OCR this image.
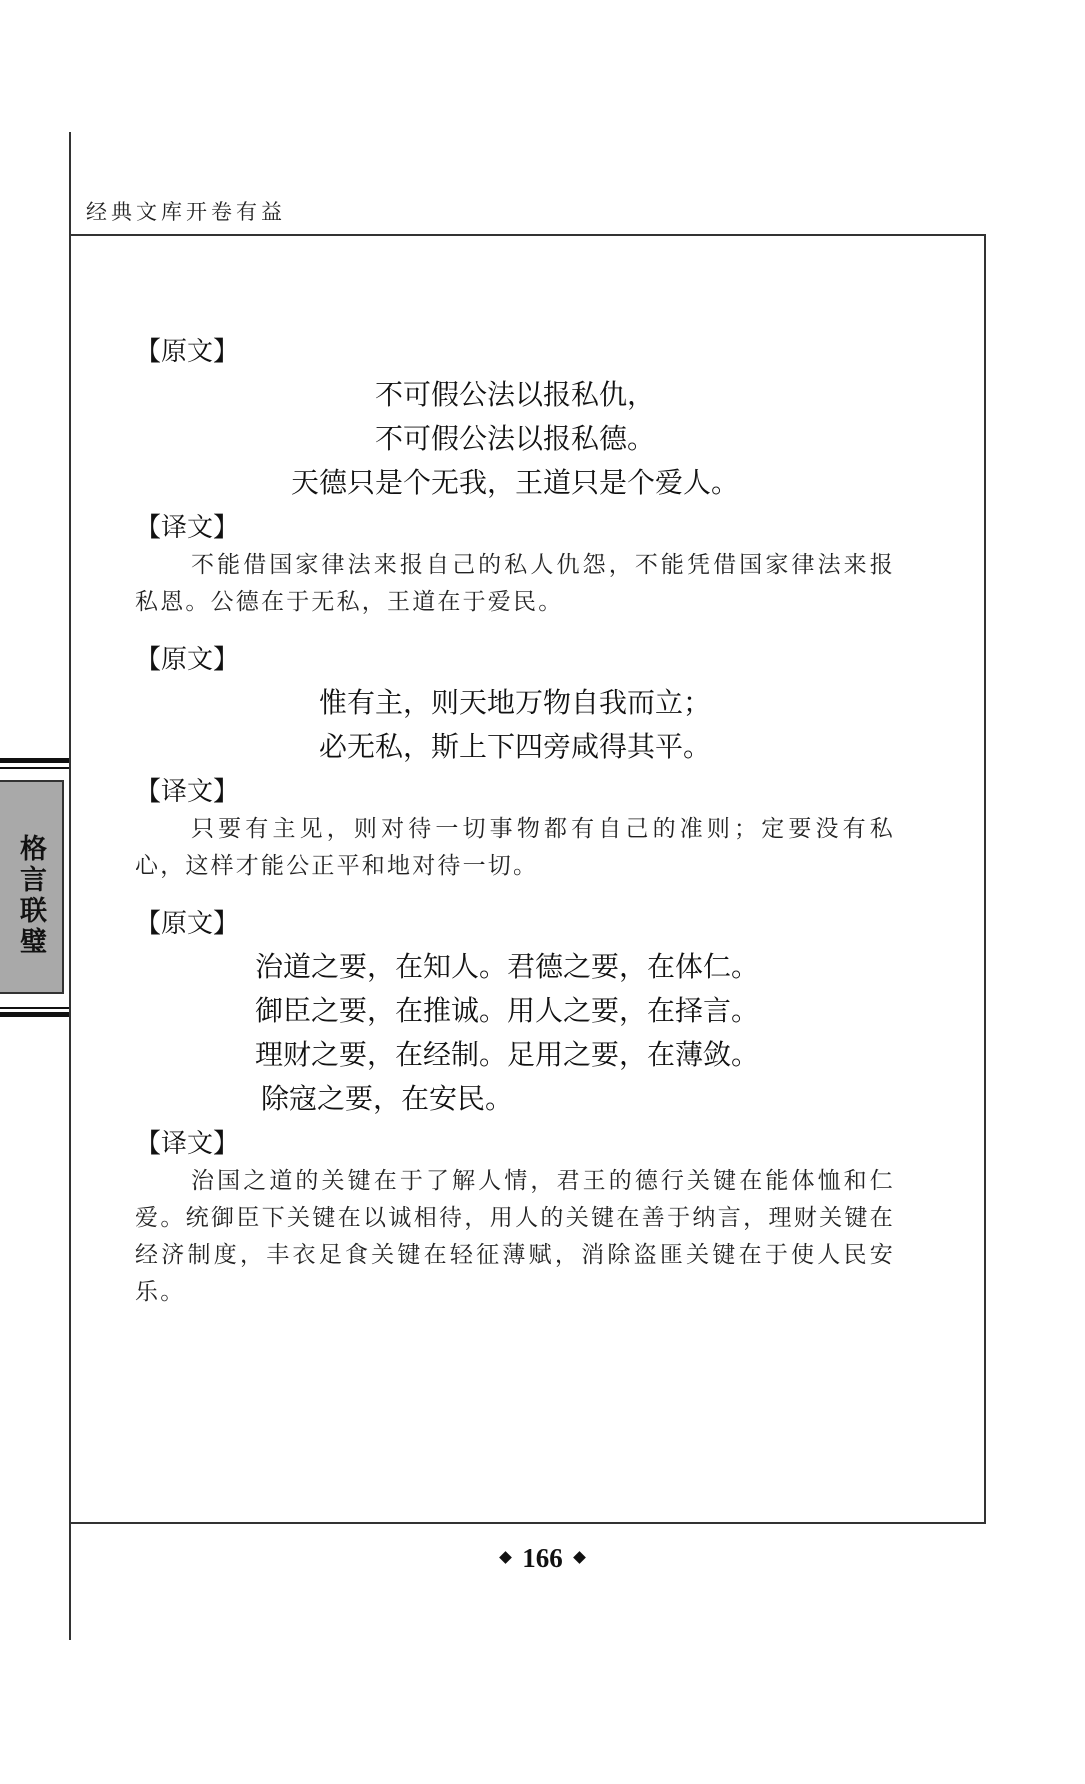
经典文库开卷有益
格言联璧

【原文】

不可假公法以报私仇，

不可假公法以报私德。

天德只是个无我，王道只是个爱人。

【译文】

不能借国家律法来报自己的私人仇怨，不能凭借国家律法来报私恩。公德在于无私，王道在于爱民。

【原文】

惟有主，则天地万物自我而立；

必无私，斯上下四旁咸得其平。

【译文】

只要有主见，则对待一切事物都有自己的准则；定要没有私心，这样才能公正平和地对待一切。

【原文】

治道之要，在知人。君德之要，在体仁。

御臣之要，在推诚。用人之要，在择言。

理财之要，在经制。足用之要，在薄敛。

除寇之要，在安民。

【译文】

治国之道的关键在于了解人情，君王的德行关键在能体恤和仁爱。统御臣下关键在以诚相待，用人的关键在善于纳言，理财关键在经济制度，丰衣足食关键在轻征薄赋，消除盗匪关键在于使人民安乐。

166
